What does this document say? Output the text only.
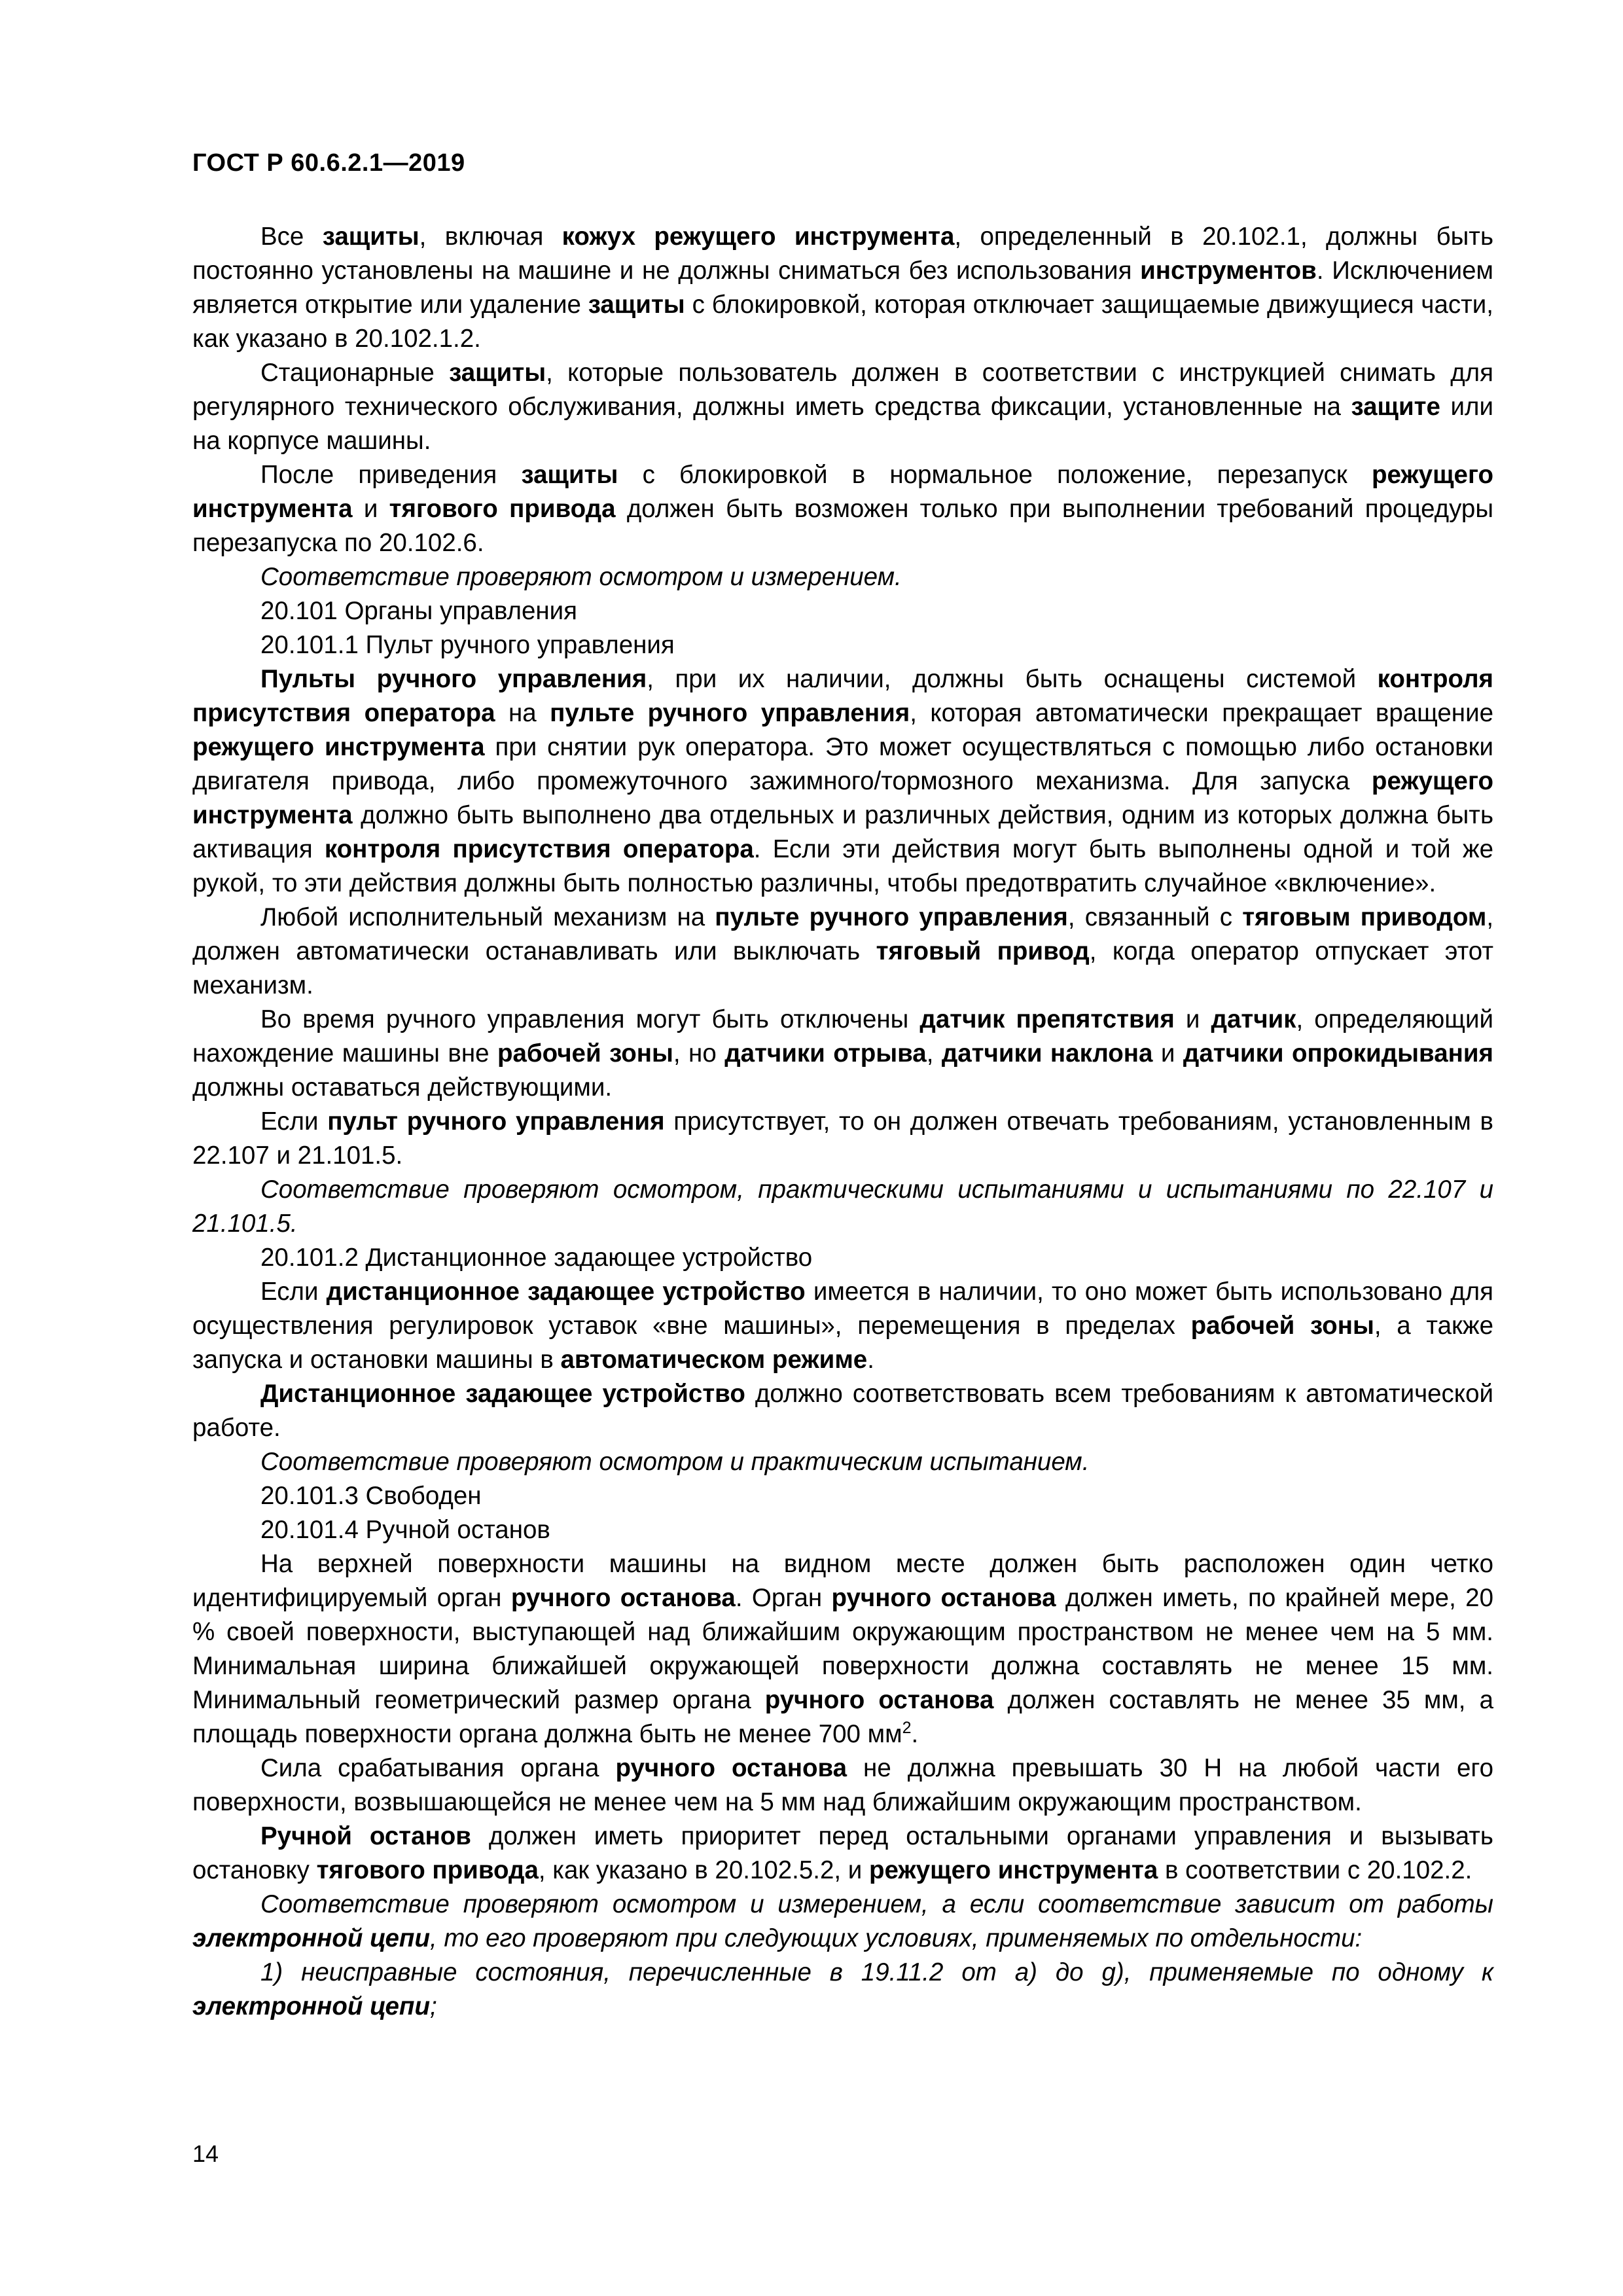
ГОСТ Р 60.6.2.1—2019

Все защиты, включая кожух режущего инструмента, определенный в 20.102.1, должны быть постоянно установлены на машине и не должны сниматься без использования инструментов. Исключением является открытие или удаление защиты с блокировкой, которая отключает защищаемые движущиеся части, как указано в 20.102.1.2.

Стационарные защиты, которые пользователь должен в соответствии с инструкцией снимать для регулярного технического обслуживания, должны иметь средства фиксации, установленные на защите или на корпусе машины.

После приведения защиты с блокировкой в нормальное положение, перезапуск режущего инструмента и тягового привода должен быть возможен только при выполнении требований процедуры перезапуска по 20.102.6.

Соответствие проверяют осмотром и измерением.

20.101 Органы управления

20.101.1 Пульт ручного управления

Пульты ручного управления, при их наличии, должны быть оснащены системой контроля присутствия оператора на пульте ручного управления, которая автоматически прекращает вращение режущего инструмента при снятии рук оператора. Это может осуществляться с помощью либо остановки двигателя привода, либо промежуточного зажимного/тормозного механизма. Для запуска режущего инструмента должно быть выполнено два отдельных и различных действия, одним из которых должна быть активация контроля присутствия оператора. Если эти действия могут быть выполнены одной и той же рукой, то эти действия должны быть полностью различны, чтобы предотвратить случайное «включение».

Любой исполнительный механизм на пульте ручного управления, связанный с тяговым приводом, должен автоматически останавливать или выключать тяговый привод, когда оператор отпускает этот механизм.

Во время ручного управления могут быть отключены датчик препятствия и датчик, определяющий нахождение машины вне рабочей зоны, но датчики отрыва, датчики наклона и датчики опрокидывания должны оставаться действующими.

Если пульт ручного управления присутствует, то он должен отвечать требованиям, установленным в 22.107 и 21.101.5.

Соответствие проверяют осмотром, практическими испытаниями и испытаниями по 22.107 и 21.101.5.

20.101.2 Дистанционное задающее устройство

Если дистанционное задающее устройство имеется в наличии, то оно может быть использовано для осуществления регулировок уставок «вне машины», перемещения в пределах рабочей зоны, а также запуска и остановки машины в автоматическом режиме.

Дистанционное задающее устройство должно соответствовать всем требованиям к автоматической работе.

Соответствие проверяют осмотром и практическим испытанием.

20.101.3 Свободен

20.101.4 Ручной останов

На верхней поверхности машины на видном месте должен быть расположен один четко идентифицируемый орган ручного останова. Орган ручного останова должен иметь, по крайней мере, 20 % своей поверхности, выступающей над ближайшим окружающим пространством не менее чем на 5 мм. Минимальная ширина ближайшей окружающей поверхности должна составлять не менее 15 мм. Минимальный геометрический размер органа ручного останова должен составлять не менее 35 мм, а площадь поверхности органа должна быть не менее 700 $мм^2$.

Сила срабатывания органа ручного останова не должна превышать 30 Н на любой части его поверхности, возвышающейся не менее чем на 5 мм над ближайшим окружающим пространством.

Ручной останов должен иметь приоритет перед остальными органами управления и вызывать остановку тягового привода, как указано в 20.102.5.2, и режущего инструмента в соответствии с 20.102.2.

Соответствие проверяют осмотром и измерением, а если соответствие зависит от работы электронной цепи, то его проверяют при следующих условиях, применяемых по отдельности:

1) неисправные состояния, перечисленные в 19.11.2 от a) до g), применяемые по одному к электронной цепи;

14
